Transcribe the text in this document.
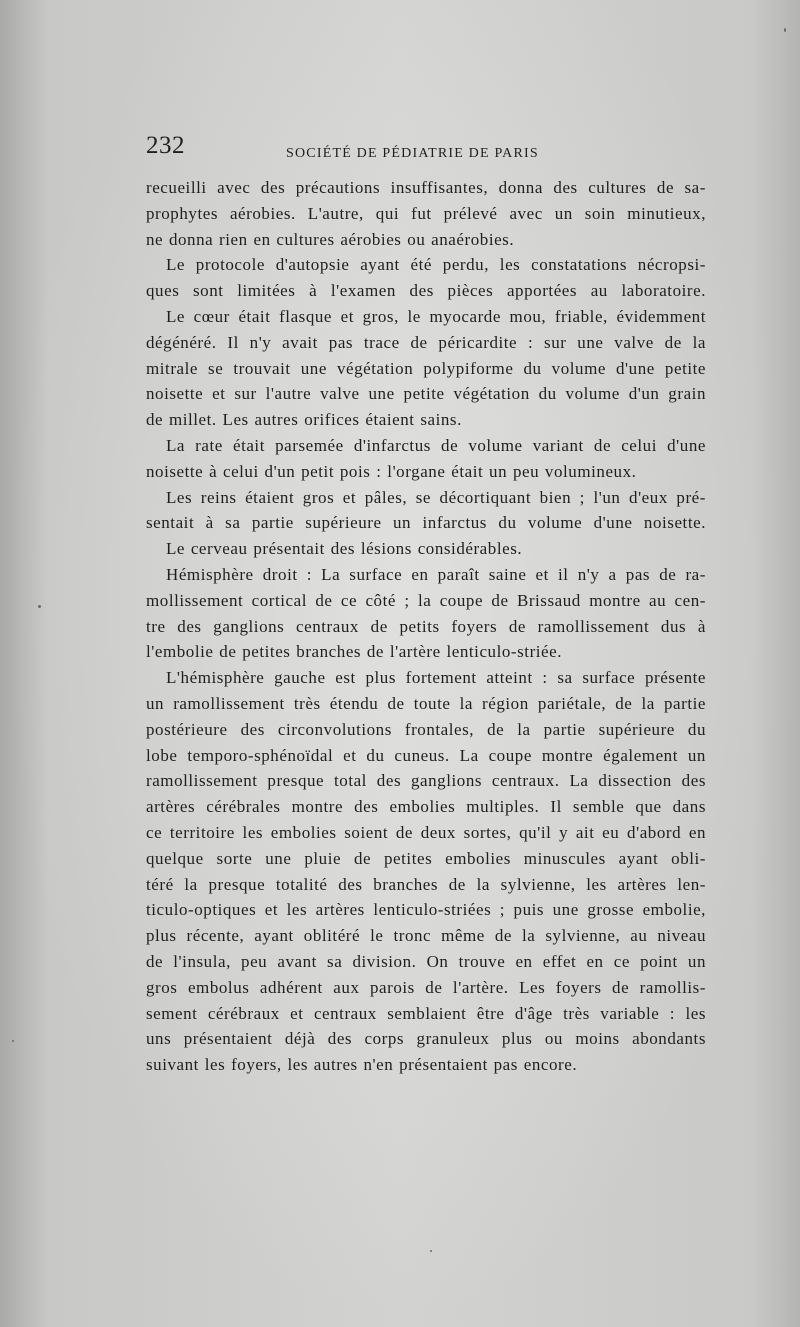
232	SOCIÉTÉ DE PÉDIATRIE DE PARIS
recueilli avec des précautions insuffisantes, donna des cultures de sa-
prophytes aérobies. L'autre, qui fut prélevé avec un soin minutieux,
ne donna rien en cultures aérobies ou anaérobies.
Le protocole d'autopsie ayant été perdu, les constatations nécropsi-
ques sont limitées à l'examen des pièces apportées au laboratoire.
Le cœur était flasque et gros, le myocarde mou, friable, évidemment
dégénéré. Il n'y avait pas trace de péricardite : sur une valve de la
mitrale se trouvait une végétation polypiforme du volume d'une petite
noisette et sur l'autre valve une petite végétation du volume d'un grain
de millet. Les autres orifices étaient sains.
La rate était parsemée d'infarctus de volume variant de celui d'une
noisette à celui d'un petit pois : l'organe était un peu volumineux.
Les reins étaient gros et pâles, se décortiquant bien ; l'un d'eux pré-
sentait à sa partie supérieure un infarctus du volume d'une noisette.
Le cerveau présentait des lésions considérables.
Hémisphère droit : La surface en paraît saine et il n'y a pas de ra-
mollissement cortical de ce côté ; la coupe de Brissaud montre au cen-
tre des ganglions centraux de petits foyers de ramollissement dus à
l'embolie de petites branches de l'artère lenticulo-striée.
L'hémisphère gauche est plus fortement atteint : sa surface présente
un ramollissement très étendu de toute la région pariétale, de la partie
postérieure des circonvolutions frontales, de la partie supérieure du
lobe temporo-sphénoïdal et du cuneus. La coupe montre également un
ramollissement presque total des ganglions centraux. La dissection des
artères cérébrales montre des embolies multiples. Il semble que dans
ce territoire les embolies soient de deux sortes, qu'il y ait eu d'abord en
quelque sorte une pluie de petites embolies minuscules ayant obli-
téré la presque totalité des branches de la sylvienne, les artères len-
ticulo-optiques et les artères lenticulo-striées ; puis une grosse embolie,
plus récente, ayant oblitéré le tronc même de la sylvienne, au niveau
de l'insula, peu avant sa division. On trouve en effet en ce point un
gros embolus adhérent aux parois de l'artère. Les foyers de ramollis-
sement cérébraux et centraux semblaient être d'âge très variable : les
uns présentaient déjà des corps granuleux plus ou moins abondants
suivant les foyers, les autres n'en présentaient pas encore.
